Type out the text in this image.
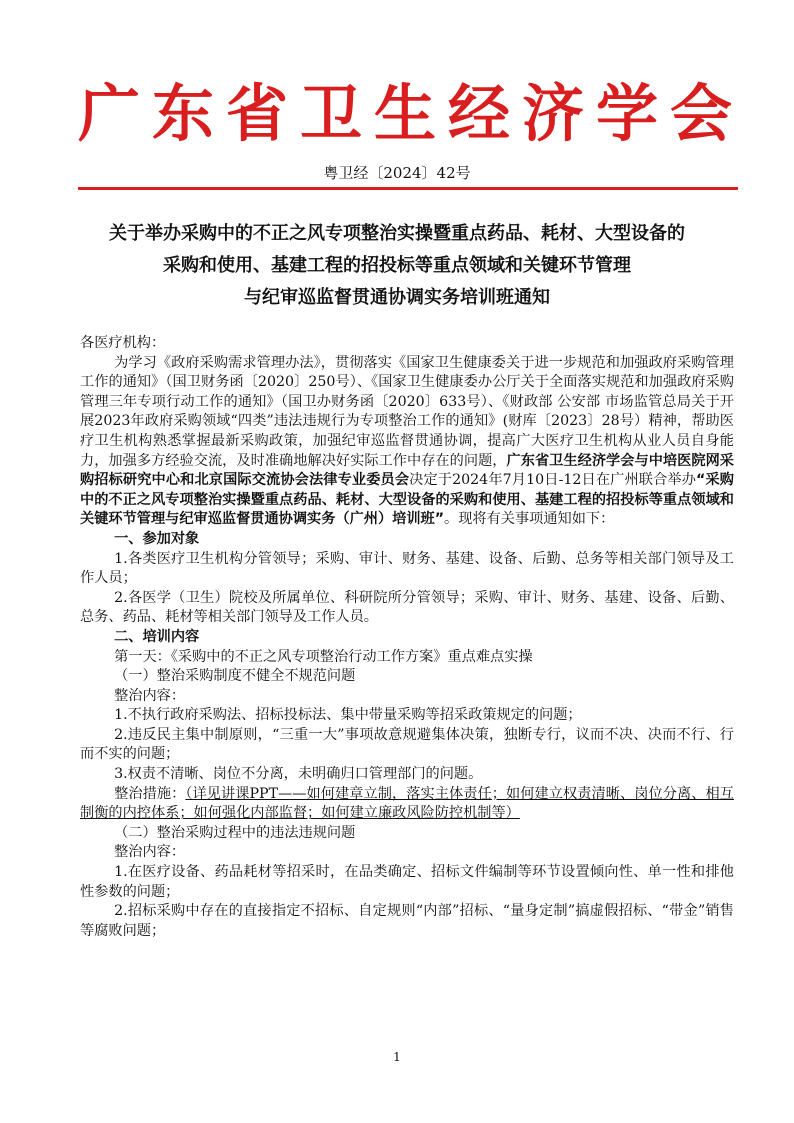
广东省卫生经济学会
粤卫经〔2024〕42号
关于举办采购中的不正之风专项整治实操暨重点药品、耗材、大型设备的
采购和使用、基建工程的招投标等重点领域和关键环节管理
与纪审巡监督贯通协调实务培训班通知

各医疗机构：

为学习《政府采购需求管理办法》，贯彻落实《国家卫生健康委关于进一步规范和加强政府采购管理工作的通知》（国卫财务函〔2020〕250号）、《国家卫生健康委办公厅关于全面落实规范和加强政府采购管理三年专项行动工作的通知》（国卫办财务函〔2020〕633号）、《财政部 公安部 市场监管总局关于开展2023年政府采购领域“四类”违法违规行为专项整治工作的通知》(财库〔2023〕28号）精神，帮助医疗卫生机构熟悉掌握最新采购政策，加强纪审巡监督贯通协调，提高广大医疗卫生机构从业人员自身能力，加强多方经验交流，及时准确地解决好实际工作中存在的问题，广东省卫生经济学会与中培医院网采购招标研究中心和北京国际交流协会法律专业委员会决定于2024年7月10日-12日在广州联合举办“采购中的不正之风专项整治实操暨重点药品、耗材、大型设备的采购和使用、基建工程的招投标等重点领域和关键环节管理与纪审巡监督贯通协调实务（广州）培训班”。现将有关事项通知如下：

一、参加对象

1.各类医疗卫生机构分管领导；采购、审计、财务、基建、设备、后勤、总务等相关部门领导及工作人员；

2.各医学（卫生）院校及所属单位、科研院所分管领导；采购、审计、财务、基建、设备、后勤、总务、药品、耗材等相关部门领导及工作人员。

二、培训内容

第一天：《采购中的不正之风专项整治行动工作方案》重点难点实操

（一）整治采购制度不健全不规范问题

整治内容：

1.不执行政府采购法、招标投标法、集中带量采购等招采政策规定的问题；

2.违反民主集中制原则，“三重一大”事项故意规避集体决策，独断专行，议而不决、决而不行、行而不实的问题；

3.权责不清晰、岗位不分离，未明确归口管理部门的问题。

整治措施：（详见讲课PPT——如何建章立制，落实主体责任；如何建立权责清晰、岗位分离、相互制衡的内控体系；如何强化内部监督；如何建立廉政风险防控机制等）

（二）整治采购过程中的违法违规问题

整治内容：

1.在医疗设备、药品耗材等招采时，在品类确定、招标文件编制等环节设置倾向性、单一性和排他性参数的问题；

2.招标采购中存在的直接指定不招标、自定规则“内部”招标、“量身定制”搞虚假招标、“带金”销售等腐败问题；

1
